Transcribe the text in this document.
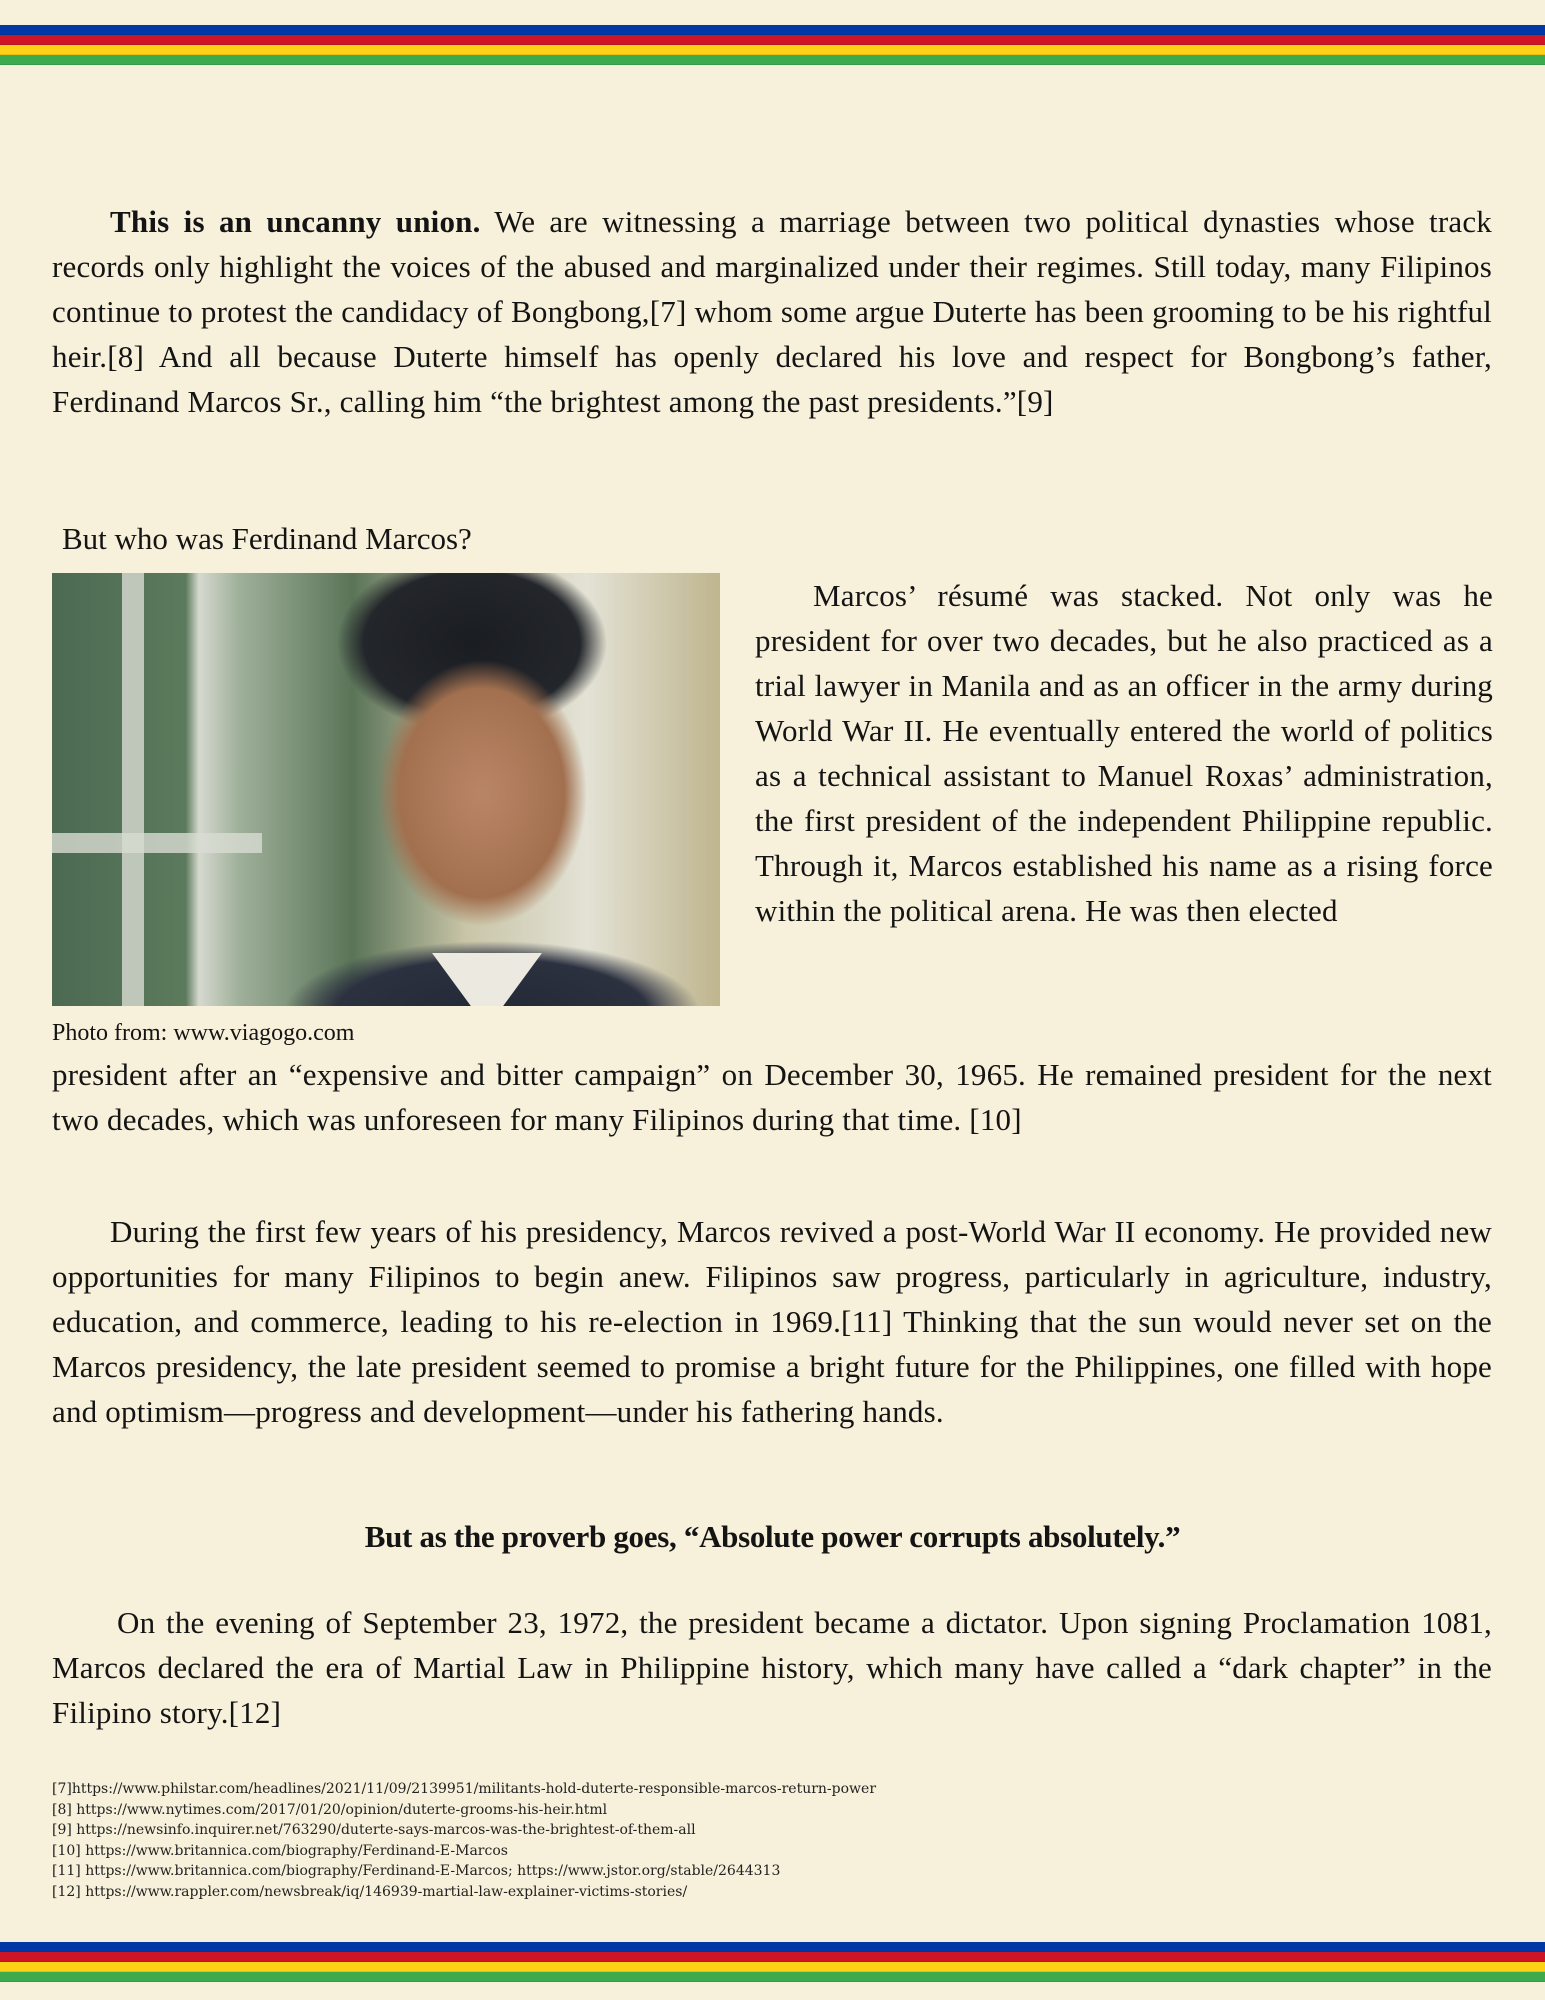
This is an uncanny union. We are witnessing a marriage between two political dynasties whose track records only highlight the voices of the abused and marginalized under their regimes. Still today, many Filipinos continue to protest the candidacy of Bongbong,[7] whom some argue Duterte has been grooming to be his rightful heir.[8] And all because Duterte himself has openly declared his love and respect for Bongbong’s father, Ferdinand Marcos Sr., calling him “the brightest among the past presidents.”[9]

But who was Ferdinand Marcos?

Photo from: www.viagogo.com

Marcos’ résumé was stacked. Not only was he president for over two decades, but he also practiced as a trial lawyer in Manila and as an officer in the army during World War II. He eventually entered the world of politics as a technical assistant to Manuel Roxas’ administration, the first president of the independent Philippine republic. Through it, Marcos established his name as a rising force within the political arena. He was then elected

president after an “expensive and bitter campaign” on December 30, 1965. He remained president for the next two decades, which was unforeseen for many Filipinos during that time. [10]

During the first few years of his presidency, Marcos revived a post-World War II economy. He provided new opportunities for many Filipinos to begin anew. Filipinos saw progress, particularly in agriculture, industry, education, and commerce, leading to his re-election in 1969.[11] Thinking that the sun would never set on the Marcos presidency, the late president seemed to promise a bright future for the Philippines, one filled with hope and optimism—progress and development—under his fathering hands.

But as the proverb goes, “Absolute power corrupts absolutely.”

On the evening of September 23, 1972, the president became a dictator. Upon signing Proclamation 1081, Marcos declared the era of Martial Law in Philippine history, which many have called a “dark chapter” in the Filipino story.[12]

[7]https://www.philstar.com/headlines/2021/11/09/2139951/militants-hold-duterte-responsible-marcos-return-power
[8] https://www.nytimes.com/2017/01/20/opinion/duterte-grooms-his-heir.html
[9] https://newsinfo.inquirer.net/763290/duterte-says-marcos-was-the-brightest-of-them-all
[10] https://www.britannica.com/biography/Ferdinand-E-Marcos
[11] https://www.britannica.com/biography/Ferdinand-E-Marcos; https://www.jstor.org/stable/2644313
[12] https://www.rappler.com/newsbreak/iq/146939-martial-law-explainer-victims-stories/
